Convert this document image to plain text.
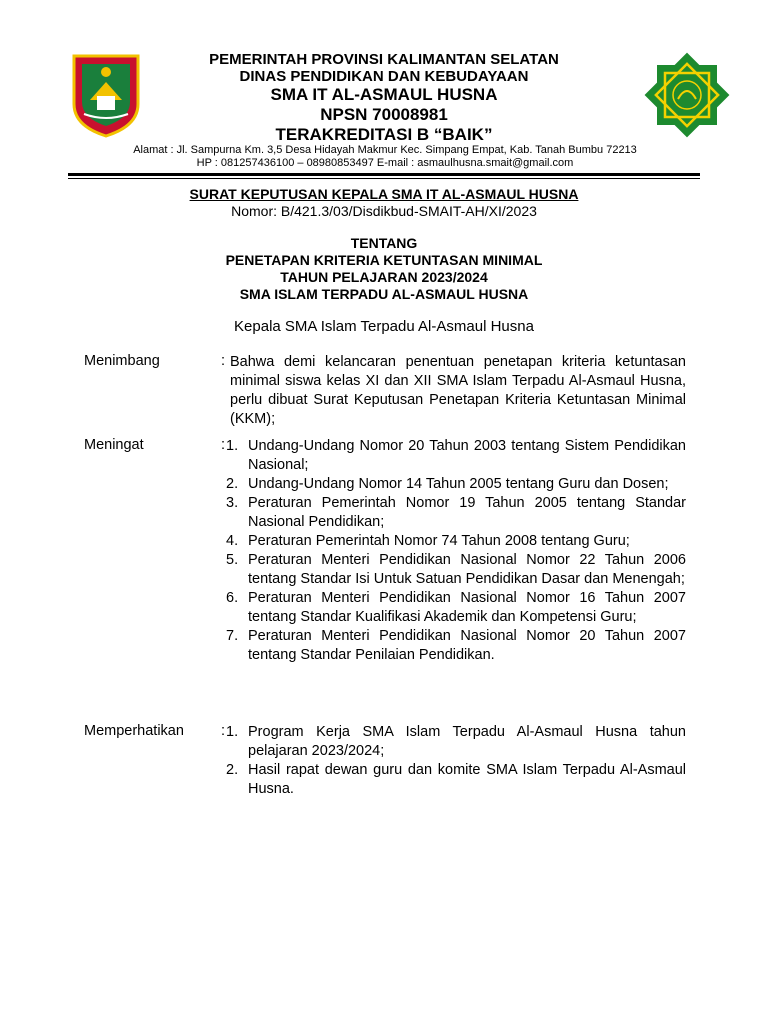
PEMERINTAH PROVINSI KALIMANTAN SELATAN
DINAS PENDIDIKAN DAN KEBUDAYAAN
SMA IT AL-ASMAUL HUSNA
NPSN 70008981
TERAKREDITASI B “BAIK”
Alamat : Jl. Sampurna Km. 3,5 Desa Hidayah Makmur Kec. Simpang Empat, Kab. Tanah Bumbu 72213
HP : 081257436100 – 08980853497 E-mail : asmaulhusna.smait@gmail.com
SURAT KEPUTUSAN KEPALA SMA IT AL-ASMAUL HUSNA
Nomor: B/421.3/03/Disdikbud-SMAIT-AH/XI/2023
TENTANG
PENETAPAN KRITERIA KETUNTASAN MINIMAL
TAHUN PELAJARAN 2023/2024
SMA ISLAM TERPADU AL-ASMAUL HUSNA
Kepala SMA Islam Terpadu Al-Asmaul Husna
Menimbang	: Bahwa demi kelancaran penentuan penetapan kriteria ketuntasan minimal siswa kelas XI dan XII SMA Islam Terpadu Al-Asmaul Husna, perlu dibuat Surat Keputusan Penetapan Kriteria Ketuntasan Minimal (KKM);
Meningat	: 1. Undang-Undang Nomor 20 Tahun 2003 tentang Sistem Pendidikan Nasional;
2. Undang-Undang Nomor 14 Tahun 2005 tentang Guru dan Dosen;
3. Peraturan Pemerintah Nomor 19 Tahun 2005 tentang Standar Nasional Pendidikan;
4. Peraturan Pemerintah Nomor 74 Tahun 2008 tentang Guru;
5. Peraturan Menteri Pendidikan Nasional Nomor 22 Tahun 2006 tentang Standar Isi Untuk Satuan Pendidikan Dasar dan Menengah;
6. Peraturan Menteri Pendidikan Nasional Nomor 16 Tahun 2007 tentang Standar Kualifikasi Akademik dan Kompetensi Guru;
7. Peraturan Menteri Pendidikan Nasional Nomor 20 Tahun 2007 tentang Standar Penilaian Pendidikan.
Memperhatikan	: 1. Program Kerja SMA Islam Terpadu Al-Asmaul Husna tahun pelajaran 2023/2024;
2. Hasil rapat dewan guru dan komite SMA Islam Terpadu Al-Asmaul Husna.
